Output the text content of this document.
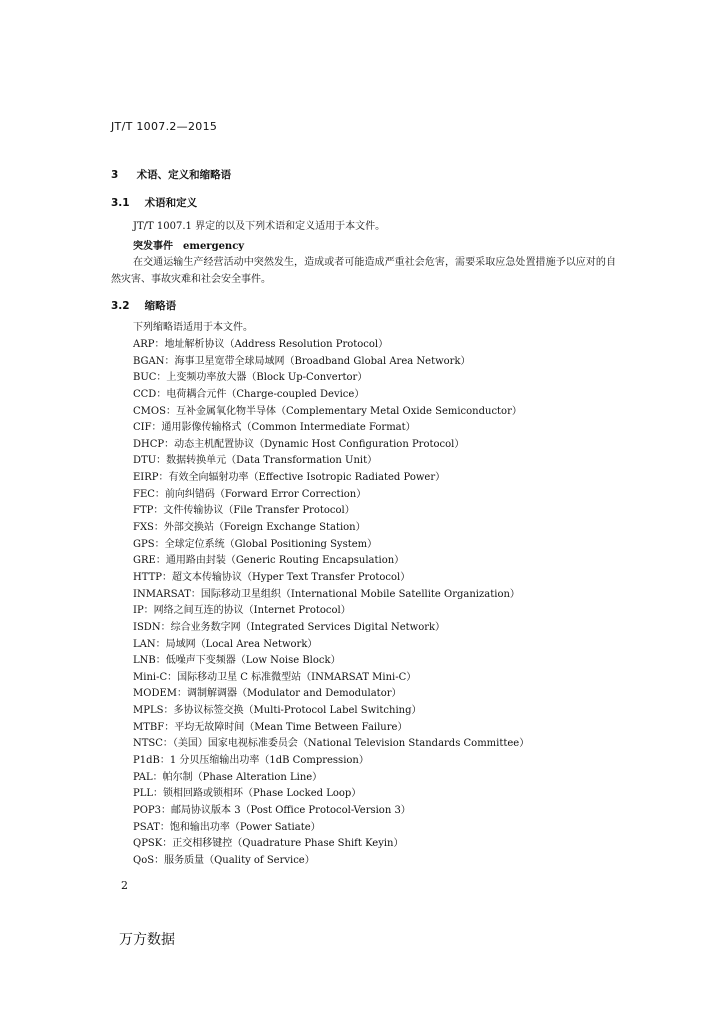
JT/T 1007.2—2015
3 术语、定义和缩略语
3.1 术语和定义
JT/T 1007.1 界定的以及下列术语和定义适用于本文件。
突发事件 emergency
在交通运输生产经营活动中突然发生，造成或者可能造成严重社会危害，需要采取应急处置措施予以应对的自然灾害、事故灾难和社会安全事件。
3.2 缩略语
下列缩略语适用于本文件。
ARP：地址解析协议（Address Resolution Protocol）
BGAN：海事卫星宽带全球局域网（Broadband Global Area Network）
BUC：上变频功率放大器（Block Up-Convertor）
CCD：电荷耦合元件（Charge-coupled Device）
CMOS：互补金属氧化物半导体（Complementary Metal Oxide Semiconductor）
CIF：通用影像传输格式（Common Intermediate Format）
DHCP：动态主机配置协议（Dynamic Host Configuration Protocol）
DTU：数据转换单元（Data Transformation Unit）
EIRP：有效全向辐射功率（Effective Isotropic Radiated Power）
FEC：前向纠错码（Forward Error Correction）
FTP：文件传输协议（File Transfer Protocol）
FXS：外部交换站（Foreign Exchange Station）
GPS：全球定位系统（Global Positioning System）
GRE：通用路由封装（Generic Routing Encapsulation）
HTTP：超文本传输协议（Hyper Text Transfer Protocol）
INMARSAT：国际移动卫星组织（International Mobile Satellite Organization）
IP：网络之间互连的协议（Internet Protocol）
ISDN：综合业务数字网（Integrated Services Digital Network）
LAN：局域网（Local Area Network）
LNB：低噪声下变频器（Low Noise Block）
Mini-C：国际移动卫星 C 标准微型站（INMARSAT Mini-C）
MODEM：调制解调器（Modulator and Demodulator）
MPLS：多协议标签交换（Multi-Protocol Label Switching）
MTBF：平均无故障时间（Mean Time Between Failure）
NTSC：（美国）国家电视标准委员会（National Television Standards Committee）
P1dB：1 分贝压缩输出功率（1dB Compression）
PAL：帕尔制（Phase Alteration Line）
PLL：锁相回路或锁相环（Phase Locked Loop）
POP3：邮局协议版本 3（Post Office Protocol-Version 3）
PSAT：饱和输出功率（Power Satiate）
QPSK：正交相移键控（Quadrature Phase Shift Keyin）
QoS：服务质量（Quality of Service）
2
万方数据
